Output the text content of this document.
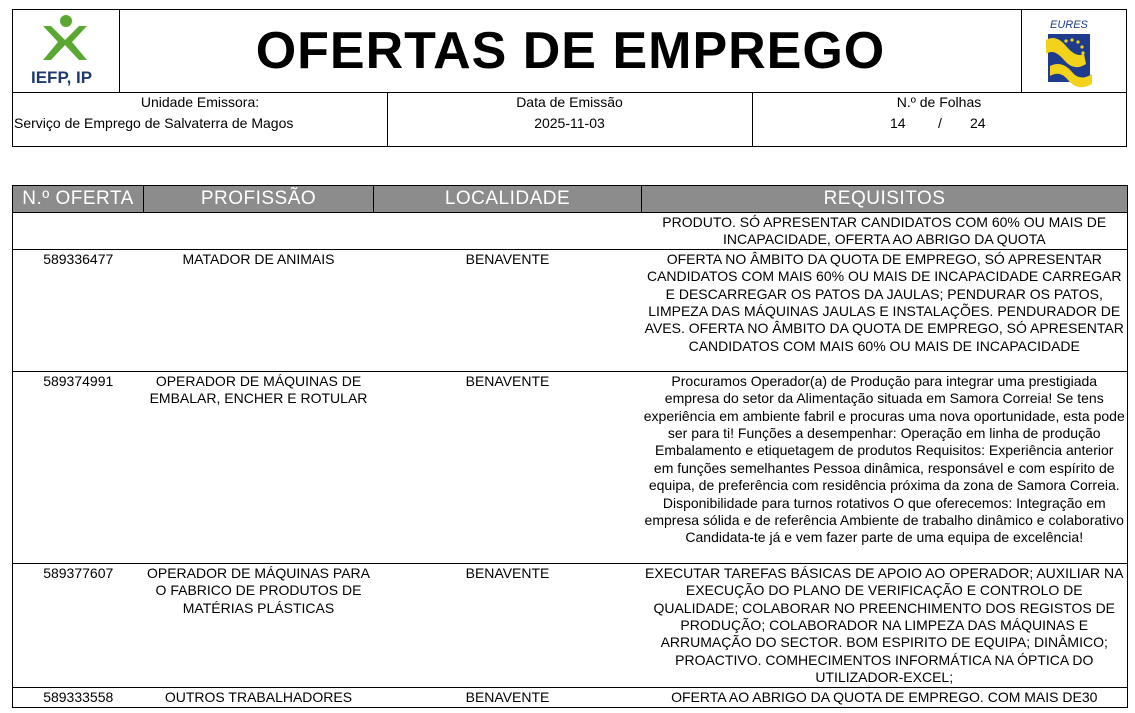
IEFP, IP	OFERTAS DE EMPREGO	EURES
Unidade Emissora:
Serviço de Emprego de Salvaterra de Magos
Data de Emissão
2025-11-03
N.º de Folhas
14 / 24
N.º OFERTA	PROFISSÃO	LOCALIDADE	REQUISITOS
			PRODUTO. SÓ APRESENTAR CANDIDATOS COM 60% OU MAIS DE INCAPACIDADE, OFERTA AO ABRIGO DA QUOTA
589336477	MATADOR DE ANIMAIS	BENAVENTE	OFERTA NO ÂMBITO DA QUOTA DE EMPREGO, SÓ APRESENTAR CANDIDATOS COM MAIS 60% OU MAIS DE INCAPACIDADE CARREGAR E DESCARREGAR OS PATOS DA JAULAS; PENDURAR OS PATOS, LIMPEZA DAS MÁQUINAS JAULAS E INSTALAÇÕES. PENDURADOR DE AVES. OFERTA NO ÂMBITO DA QUOTA DE EMPREGO, SÓ APRESENTAR CANDIDATOS COM MAIS 60% OU MAIS DE INCAPACIDADE
589374991	OPERADOR DE MÁQUINAS DE EMBALAR, ENCHER E ROTULAR	BENAVENTE	Procuramos Operador(a) de Produção para integrar uma prestigiada empresa do setor da Alimentação situada em Samora Correia! Se tens experiência em ambiente fabril e procuras uma nova oportunidade, esta pode ser para ti! Funções a desempenhar: Operação em linha de produção Embalamento e etiquetagem de produtos Requisitos: Experiência anterior em funções semelhantes Pessoa dinâmica, responsável e com espírito de equipa, de preferência com residência próxima da zona de Samora Correia. Disponibilidade para turnos rotativos O que oferecemos: Integração em empresa sólida e de referência Ambiente de trabalho dinâmico e colaborativo Candidata-te já e vem fazer parte de uma equipa de excelência!
589377607	OPERADOR DE MÁQUINAS PARA O FABRICO DE PRODUTOS DE MATÉRIAS PLÁSTICAS	BENAVENTE	EXECUTAR TAREFAS BÁSICAS DE APOIO AO OPERADOR; AUXILIAR NA EXECUÇÃO DO PLANO DE VERIFICAÇÃO E CONTROLO DE QUALIDADE; COLABORAR NO PREENCHIMENTO DOS REGISTOS DE PRODUÇÃO; COLABORADOR NA LIMPEZA DAS MÁQUINAS E ARRUMAÇÃO DO SECTOR. BOM ESPIRITO DE EQUIPA; DINÂMICO; PROACTIVO. COMHECIMENTOS INFORMÁTICA NA ÓPTICA DO UTILIZADOR-EXCEL;
589333558	OUTROS TRABALHADORES	BENAVENTE	OFERTA AO ABRIGO DA QUOTA DE EMPREGO. COM MAIS DE30
